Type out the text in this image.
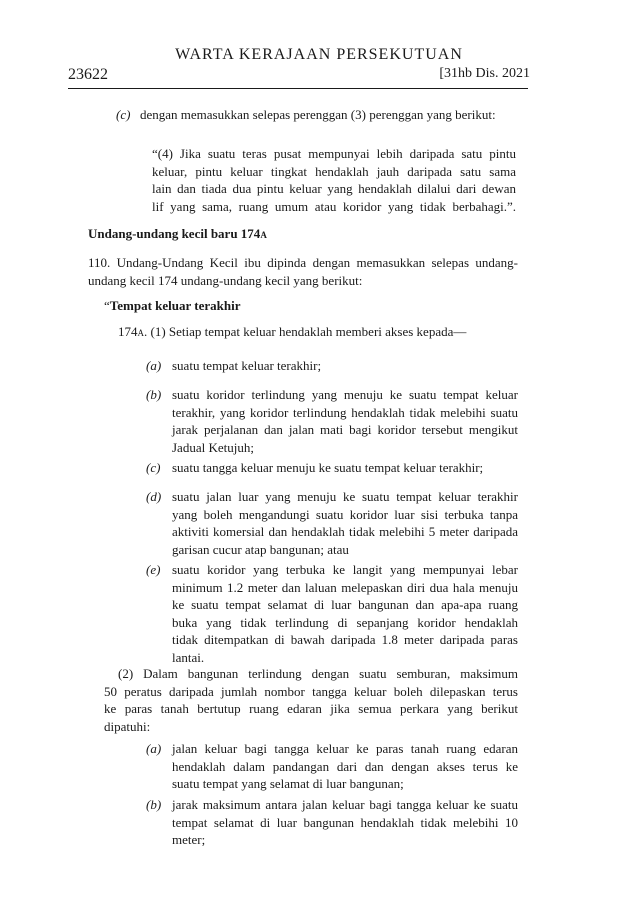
WARTA KERAJAAN PERSEKUTUAN
23622	[31hb Dis. 2021
(c) dengan memasukkan selepas perenggan (3) perenggan yang berikut:
“(4) Jika suatu teras pusat mempunyai lebih daripada satu pintu
keluar, pintu keluar tingkat hendaklah jauh daripada satu sama
lain dan tiada dua pintu keluar yang hendaklah dilalui dari dewan
lif yang sama, ruang umum atau koridor yang tidak berbahagi.”.
Undang-undang kecil baru 174A
110. Undang-Undang Kecil ibu dipinda dengan memasukkan selepas undang-
undang kecil 174 undang-undang kecil yang berikut:
“Tempat keluar terakhir
174A. (1) Setiap tempat keluar hendaklah memberi akses kepada—
(a) suatu tempat keluar terakhir;
(b) suatu koridor terlindung yang menuju ke suatu tempat keluar
terakhir, yang koridor terlindung hendaklah tidak melebihi suatu
jarak perjalanan dan jalan mati bagi koridor tersebut mengikut
Jadual Ketujuh;
(c) suatu tangga keluar menuju ke suatu tempat keluar terakhir;
(d) suatu jalan luar yang menuju ke suatu tempat keluar terakhir
yang boleh mengandungi suatu koridor luar sisi terbuka tanpa
aktiviti komersial dan hendaklah tidak melebihi 5 meter daripada
garisan cucur atap bangunan; atau
(e) suatu koridor yang terbuka ke langit yang mempunyai lebar
minimum 1.2 meter dan laluan melepaskan diri dua hala menuju
ke suatu tempat selamat di luar bangunan dan apa-apa ruang
buka yang tidak terlindung di sepanjang koridor hendaklah
tidak ditempatkan di bawah daripada 1.8 meter daripada paras
lantai.
(2) Dalam bangunan terlindung dengan suatu semburan, maksimum
50 peratus daripada jumlah nombor tangga keluar boleh dilepaskan terus
ke paras tanah bertutup ruang edaran jika semua perkara yang berikut
dipatuhi:
(a) jalan keluar bagi tangga keluar ke paras tanah ruang edaran
hendaklah dalam pandangan dari dan dengan akses terus ke
suatu tempat yang selamat di luar bangunan;
(b) jarak maksimum antara jalan keluar bagi tangga keluar ke suatu
tempat selamat di luar bangunan hendaklah tidak melebihi 10
meter;
